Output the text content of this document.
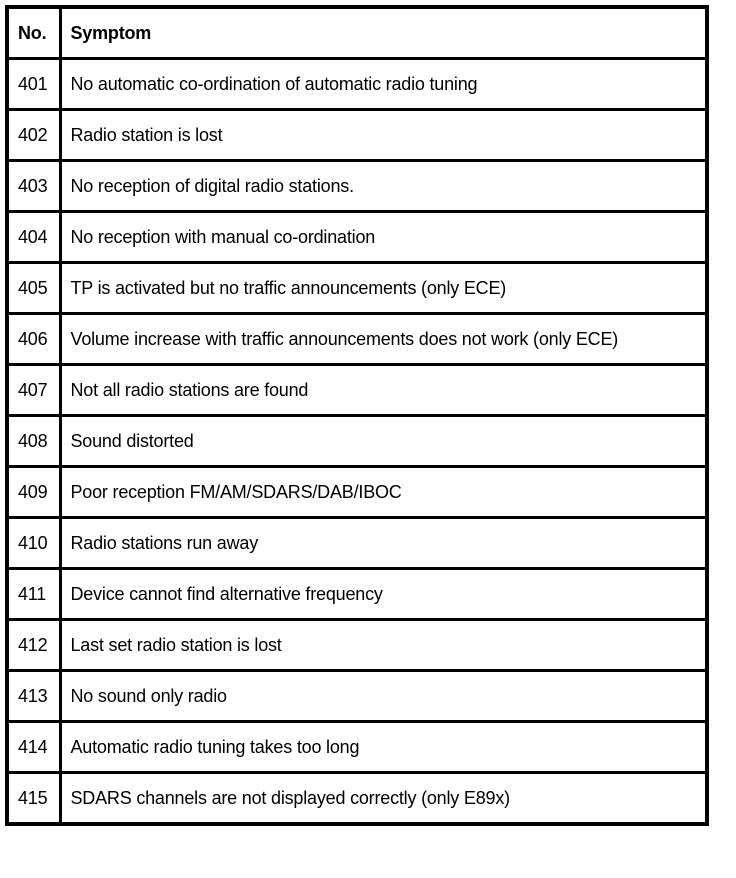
No.	Symptom
401	No automatic co-ordination of automatic radio tuning
402	Radio station is lost
403	No reception of digital radio stations.
404	No reception with manual co-ordination
405	TP is activated but no traffic announcements (only ECE)
406	Volume increase with traffic announcements does not work (only ECE)
407	Not all radio stations are found
408	Sound distorted
409	Poor reception FM/AM/SDARS/DAB/IBOC
410	Radio stations run away
411	Device cannot find alternative frequency
412	Last set radio station is lost
413	No sound only radio
414	Automatic radio tuning takes too long
415	SDARS channels are not displayed correctly (only E89x)
